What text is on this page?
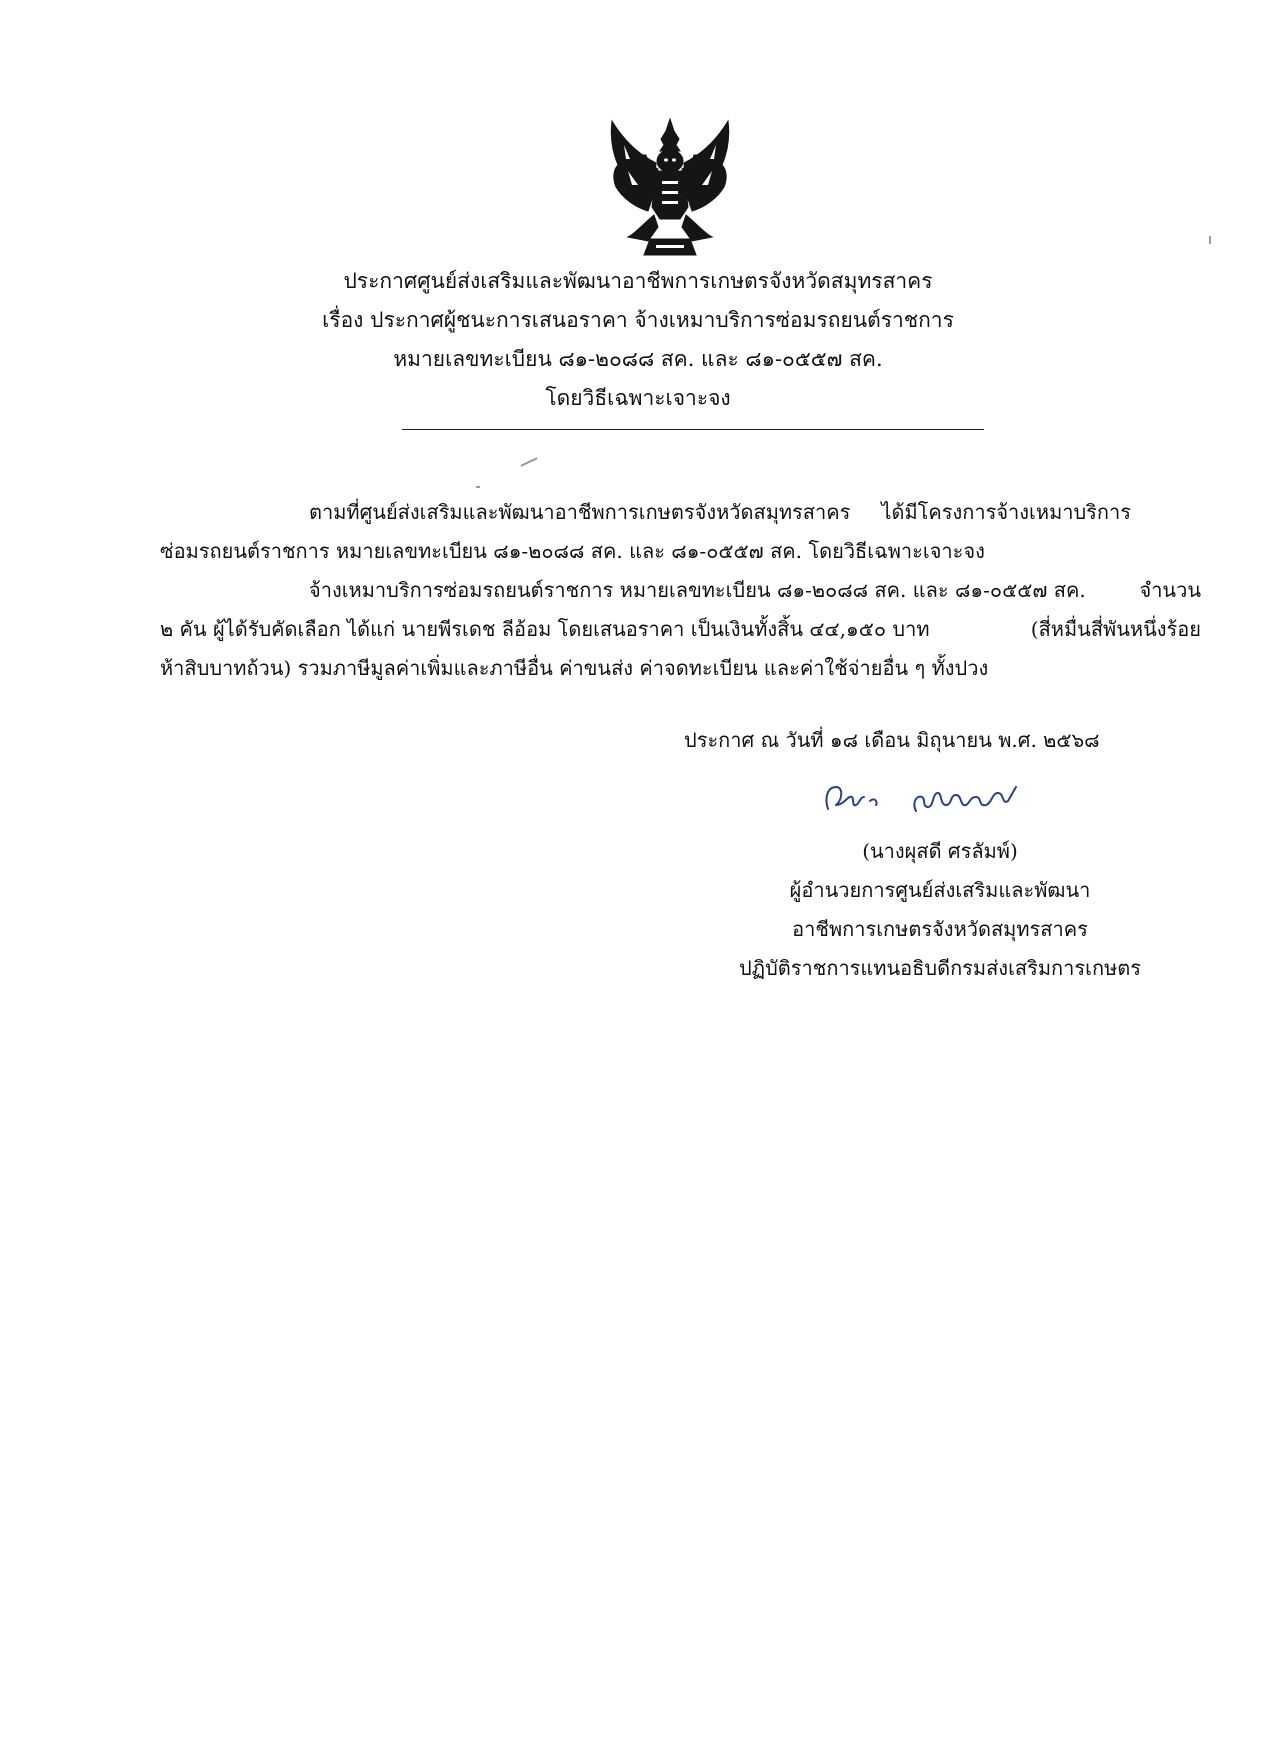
ประกาศศูนย์ส่งเสริมและพัฒนาอาชีพการเกษตรจังหวัดสมุทรสาคร
เรื่อง ประกาศผู้ชนะการเสนอราคา จ้างเหมาบริการซ่อมรถยนต์ราชการ
หมายเลขทะเบียน ๘๑-๒๐๘๘ สค. และ ๘๑-๐๕๕๗ สค.
โดยวิธีเฉพาะเจาะจง
ตามที่ศูนย์ส่งเสริมและพัฒนาอาชีพการเกษตรจังหวัดสมุทรสาคร ได้มีโครงการจ้างเหมาบริการ
ซ่อมรถยนต์ราชการ หมายเลขทะเบียน ๘๑-๒๐๘๘ สค. และ ๘๑-๐๕๕๗ สค. โดยวิธีเฉพาะเจาะจง
จ้างเหมาบริการซ่อมรถยนต์ราชการ หมายเลขทะเบียน ๘๑-๒๐๘๘ สค. และ ๘๑-๐๕๕๗ สค.	จำนวน
๒ คัน ผู้ได้รับคัดเลือก ได้แก่ นายพีรเดช ลีอ้อม โดยเสนอราคา เป็นเงินทั้งสิ้น ๔๔,๑๕๐ บาท	(สี่หมื่นสี่พันหนึ่งร้อย
ห้าสิบบาทถ้วน) รวมภาษีมูลค่าเพิ่มและภาษีอื่น ค่าขนส่ง ค่าจดทะเบียน และค่าใช้จ่ายอื่น ๆ ทั้งปวง
ประกาศ ณ วันที่ ๑๘ เดือน มิถุนายน พ.ศ. ๒๕๖๘
(นางผุสดี ศรลัมพ์)
ผู้อำนวยการศูนย์ส่งเสริมและพัฒนา
อาชีพการเกษตรจังหวัดสมุทรสาคร
ปฏิบัติราชการแทนอธิบดีกรมส่งเสริมการเกษตร
